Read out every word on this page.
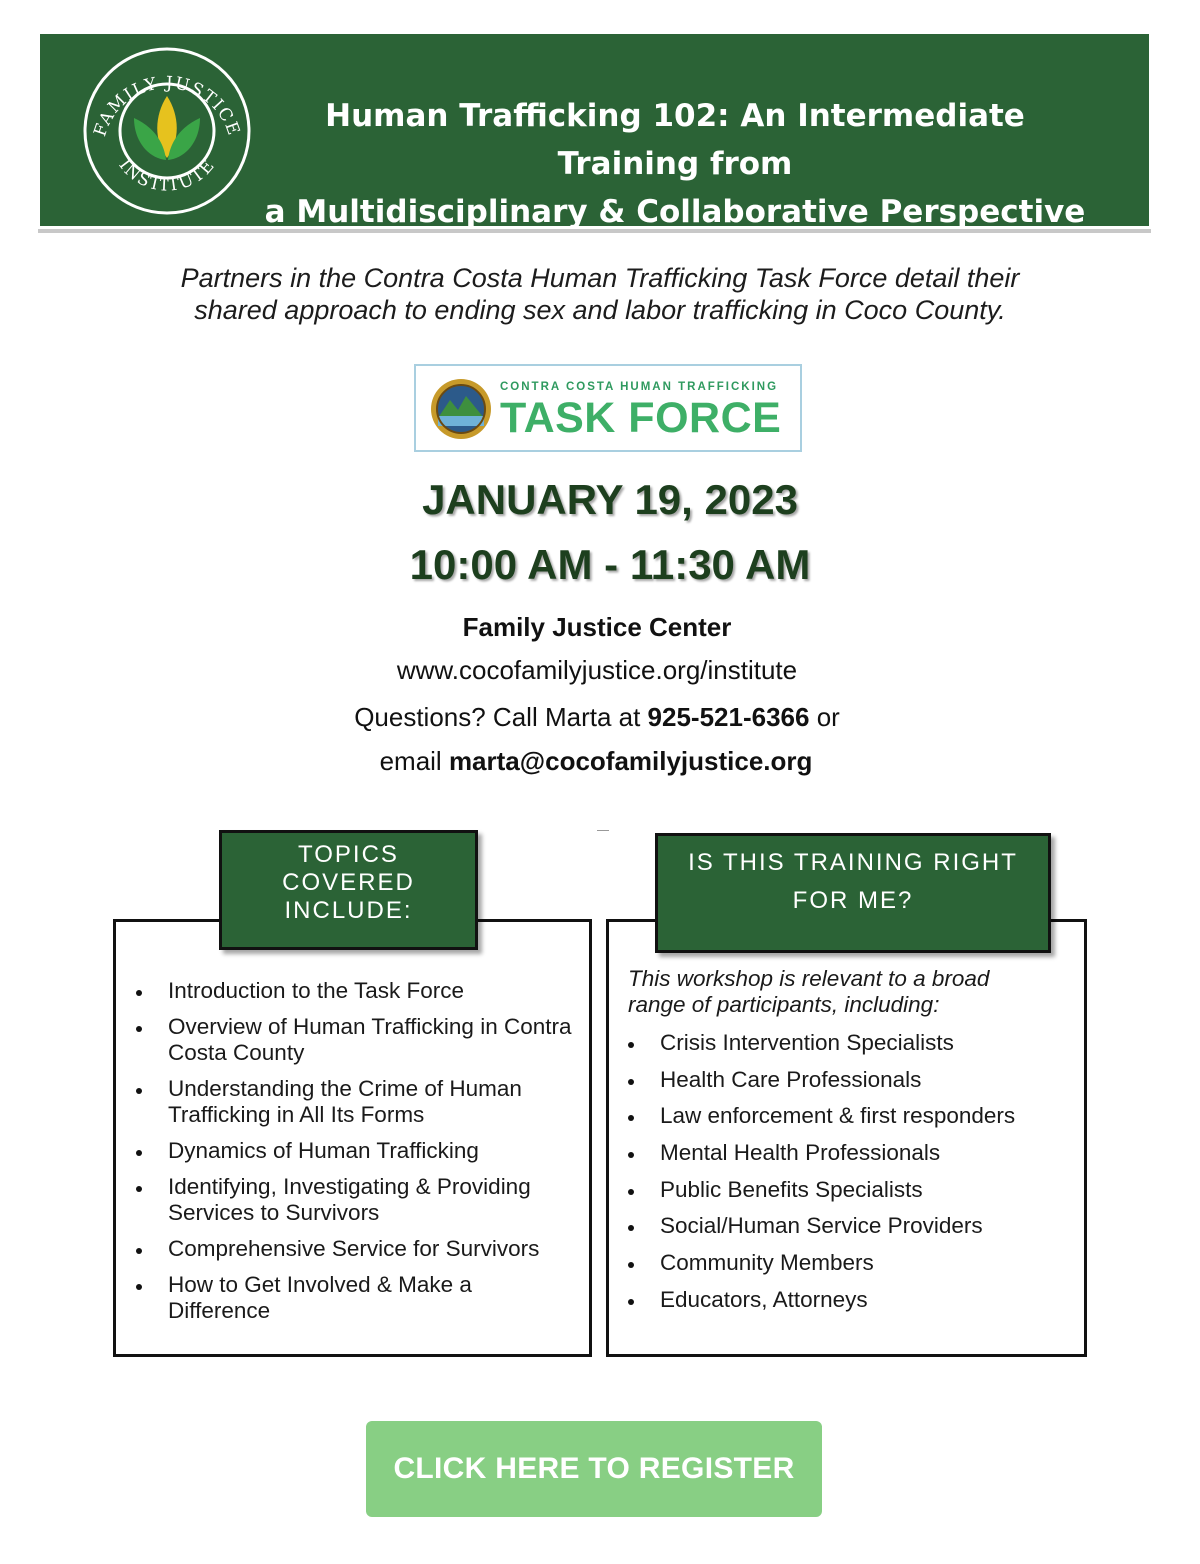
FAMILY JUSTICE
INSTITUTE
Human Trafficking 102: An Intermediate Training from
a Multidisciplinary & Collaborative Perspective
Partners in the Contra Costa Human Trafficking Task Force detail their
shared approach to ending sex and labor trafficking in Coco County.
CONTRA COSTA HUMAN TRAFFICKING
TASK FORCE
JANUARY 19, 2023
10:00 AM - 11:30 AM
Family Justice Center
www.cocofamilyjustice.org/institute
Questions? Call Marta at 925-521-6366 or
email marta@cocofamilyjustice.org
TOPICS
COVERED
INCLUDE:
IS THIS TRAINING RIGHT
FOR ME?
Introduction to the Task Force
Overview of Human Trafficking in Contra Costa County
Understanding the Crime of Human Trafficking in All Its Forms
Dynamics of Human Trafficking
Identifying, Investigating & Providing Services to Survivors
Comprehensive Service for Survivors
How to Get Involved & Make a Difference
This workshop is relevant to a broad
range of participants, including:
Crisis Intervention Specialists
Health Care Professionals
Law enforcement & first responders
Mental Health Professionals
Public Benefits Specialists
Social/Human Service Providers
Community Members
Educators, Attorneys
CLICK HERE TO REGISTER
